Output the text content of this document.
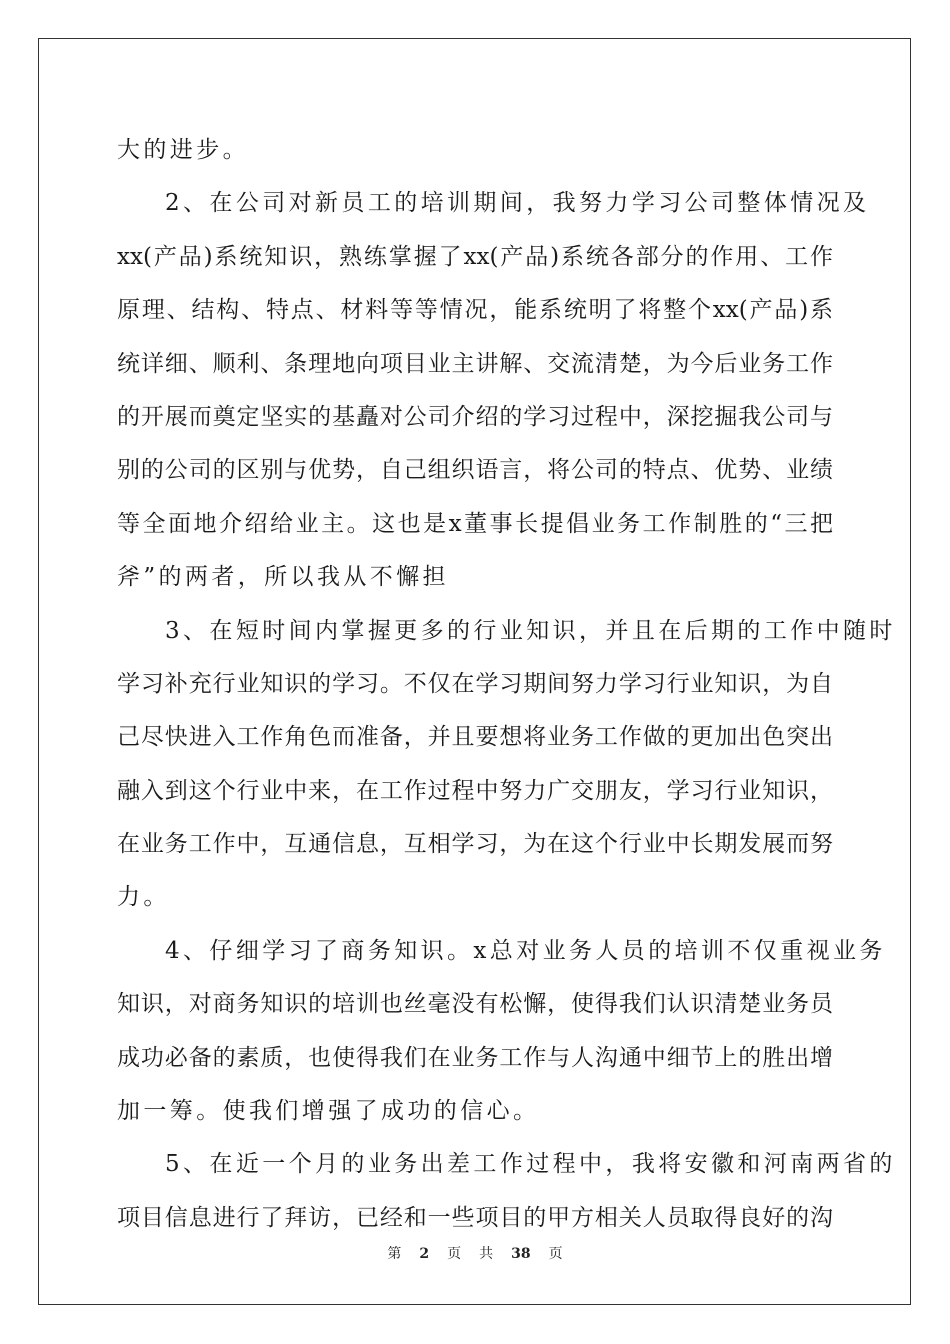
大的进步。
2、在公司对新员工的培训期间，我努力学习公司整体情况及
xx(产品)系统知识，熟练掌握了xx(产品)系统各部分的作用、工作
原理、结构、特点、材料等等情况，能系统明了将整个xx(产品)系
统详细、顺利、条理地向项目业主讲解、交流清楚，为今后业务工作
的开展而奠定坚实的基矗对公司介绍的学习过程中，深挖掘我公司与
别的公司的区别与优势，自己组织语言，将公司的特点、优势、业绩
等全面地介绍给业主。这也是x董事长提倡业务工作制胜的“三把
斧”的两者，所以我从不懈担
3、在短时间内掌握更多的行业知识，并且在后期的工作中随时
学习补充行业知识的学习。不仅在学习期间努力学习行业知识，为自
己尽快进入工作角色而准备，并且要想将业务工作做的更加出色突出
融入到这个行业中来，在工作过程中努力广交朋友，学习行业知识，
在业务工作中，互通信息，互相学习，为在这个行业中长期发展而努
力。
4、仔细学习了商务知识。x总对业务人员的培训不仅重视业务
知识，对商务知识的培训也丝毫没有松懈，使得我们认识清楚业务员
成功必备的素质，也使得我们在业务工作与人沟通中细节上的胜出增
加一筹。使我们增强了成功的信心。
5、在近一个月的业务出差工作过程中，我将安徽和河南两省的
项目信息进行了拜访，已经和一些项目的甲方相关人员取得良好的沟
第 2 页 共 38 页
